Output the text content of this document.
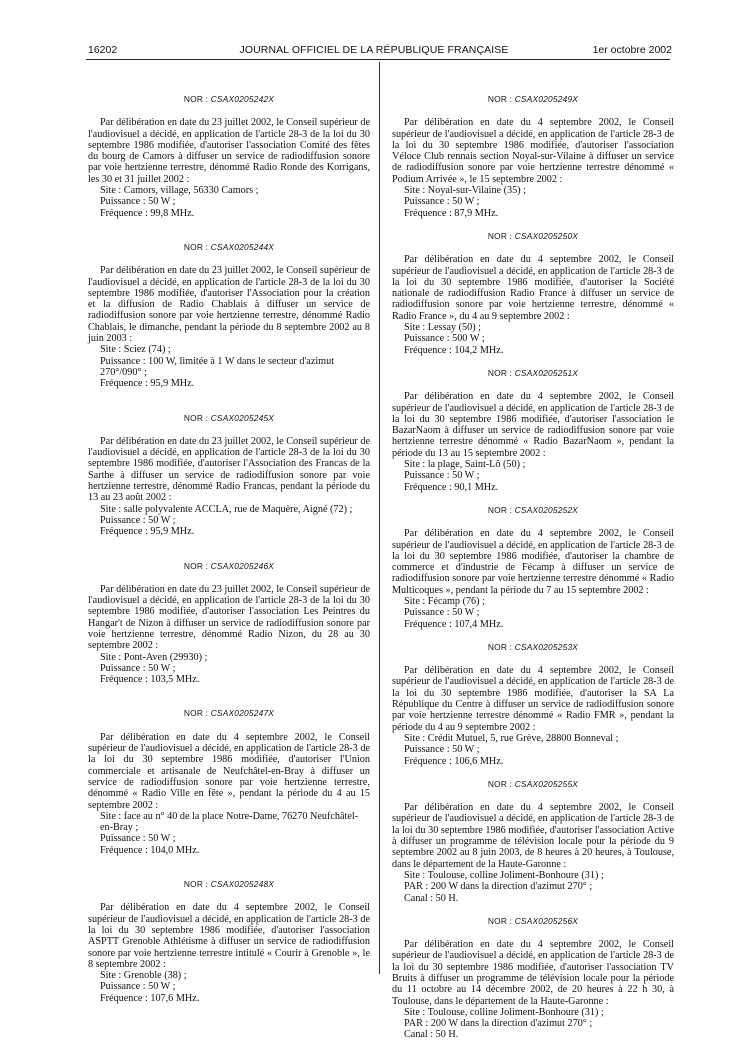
16202	JOURNAL OFFICIEL DE LA RÉPUBLIQUE FRANÇAISE	1er octobre 2002
NOR : CSAX0205242X

Par délibération en date du 23 juillet 2002, le Conseil supérieur de l'audiovisuel a décidé, en application de l'article 28-3 de la loi du 30 septembre 1986 modifiée, d'autoriser l'association Comité des fêtes du bourg de Camors à diffuser un service de radiodiffusion sonore par voie hertzienne terrestre, dénommé Radio Ronde des Korrigans, les 30 et 31 juillet 2002 :

Site : Camors, village, 56330 Camors ;
Puissance : 50 W ;
Fréquence : 99,8 MHz.
NOR : CSAX0205244X

Par délibération en date du 23 juillet 2002, le Conseil supérieur de l'audiovisuel a décidé, en application de l'article 28-3 de la loi du 30 septembre 1986 modifiée, d'autoriser l'Association pour la création et la diffusion de Radio Chablais à diffuser un service de radiodiffusion sonore par voie hertzienne terrestre, dénommé Radio Chablais, le dimanche, pendant la période du 8 septembre 2002 au 8 juin 2003 :

Site : Sciez (74) ;
Puissance : 100 W, limitée à 1 W dans le secteur d'azimut 270°/090° ;
Fréquence : 95,9 MHz.
NOR : CSAX0205245X

Par délibération en date du 23 juillet 2002, le Conseil supérieur de l'audiovisuel a décidé, en application de l'article 28-3 de la loi du 30 septembre 1986 modifiée, d'autoriser l'Association des Francas de la Sarthe à diffuser un service de radiodiffusion sonore par voie hertzienne terrestre, dénommé Radio Francas, pendant la période du 13 au 23 août 2002 :

Site : salle polyvalente ACCLA, rue de Maquère, Aigné (72) ;
Puissance : 50 W ;
Fréquence : 95,9 MHz.
NOR : CSAX0205246X

Par délibération en date du 23 juillet 2002, le Conseil supérieur de l'audiovisuel a décidé, en application de l'article 28-3 de la loi du 30 septembre 1986 modifiée, d'autoriser l'association Les Peintres du Hangar't de Nizon à diffuser un service de radiodiffusion sonore par voie hertzienne terrestre, dénommé Radio Nizon, du 28 au 30 septembre 2002 :

Site : Pont-Aven (29930) ;
Puissance : 50 W ;
Fréquence : 103,5 MHz.
NOR : CSAX0205247X

Par délibération en date du 4 septembre 2002, le Conseil supérieur de l'audiovisuel a décidé, en application de l'article 28-3 de la loi du 30 septembre 1986 modifiée, d'autoriser l'Union commerciale et artisanale de Neufchâtel-en-Bray à diffuser un service de radiodiffusion sonore par voie hertzienne terrestre, dénommé « Radio Ville en fête », pendant la période du 4 au 15 septembre 2002 :

Site : face au n° 40 de la place Notre-Dame, 76270 Neufchâtel-en-Bray ;
Puissance : 50 W ;
Fréquence : 104,0 MHz.
NOR : CSAX0205248X

Par délibération en date du 4 septembre 2002, le Conseil supérieur de l'audiovisuel a décidé, en application de l'article 28-3 de la loi du 30 septembre 1986 modifiée, d'autoriser l'association ASPTT Grenoble Athlétisme à diffuser un service de radiodiffusion sonore par voie hertzienne terrestre intitulé « Courir à Grenoble », le 8 septembre 2002 :

Site : Grenoble (38) ;
Puissance : 50 W ;
Fréquence : 107,6 MHz.
NOR : CSAX0205249X

Par délibération en date du 4 septembre 2002, le Conseil supérieur de l'audiovisuel a décidé, en application de l'article 28-3 de la loi du 30 septembre 1986 modifiée, d'autoriser l'association Véloce Club rennais section Noyal-sur-Vilaine à diffuser un service de radiodiffusion sonore par voie hertzienne terrestre dénommé « Podium Arrivée », le 15 septembre 2002 :

Site : Noyal-sur-Vilaine (35) ;
Puissance : 50 W ;
Fréquence : 87,9 MHz.
NOR : CSAX0205250X

Par délibération en date du 4 septembre 2002, le Conseil supérieur de l'audiovisuel a décidé, en application de l'article 28-3 de la loi du 30 septembre 1986 modifiée, d'autoriser la Société nationale de radiodiffusion Radio France à diffuser un service de radiodiffusion sonore par voie hertzienne terrestre, dénommé « Radio France », du 4 au 9 septembre 2002 :

Site : Lessay (50) ;
Puissance : 500 W ;
Fréquence : 104,2 MHz.
NOR : CSAX0205251X

Par délibération en date du 4 septembre 2002, le Conseil supérieur de l'audiovisuel a décidé, en application de l'article 28-3 de la loi du 30 septembre 1986 modifiée, d'autoriser l'association le BazarNaom à diffuser un service de radiodiffusion sonore par voie hertzienne terrestre dénommé « Radio BazarNaom », pendant la période du 13 au 15 septembre 2002 :

Site : la plage, Saint-Lô (50) ;
Puissance : 50 W ;
Fréquence : 90,1 MHz.
NOR : CSAX0205252X

Par délibération en date du 4 septembre 2002, le Conseil supérieur de l'audiovisuel a décidé, en application de l'article 28-3 de la loi du 30 septembre 1986 modifiée, d'autoriser la chambre de commerce et d'industrie de Fécamp à diffuser un service de radiodiffusion sonore par voie hertzienne terrestre dénommé « Radio Multicoques », pendant la période du 7 au 15 septembre 2002 :

Site : Fécamp (76) ;
Puissance : 50 W ;
Fréquence : 107,4 MHz.
NOR : CSAX0205253X

Par délibération en date du 4 septembre 2002, le Conseil supérieur de l'audiovisuel a décidé, en application de l'article 28-3 de la loi du 30 septembre 1986 modifiée, d'autoriser la SA La République du Centre à diffuser un service de radiodiffusion sonore par voie hertzienne terrestre dénommé « Radio FMR », pendant la période du 4 au 9 septembre 2002 :

Site : Crédit Mutuel, 5, rue Grève, 28800 Bonneval ;
Puissance : 50 W ;
Fréquence : 106,6 MHz.
NOR : CSAX0205255X

Par délibération en date du 4 septembre 2002, le Conseil supérieur de l'audiovisuel a décidé, en application de l'article 28-3 de la loi du 30 septembre 1986 modifiée, d'autoriser l'association Active à diffuser un programme de télévision locale pour la période du 9 septembre 2002 au 8 juin 2003, de 8 heures à 20 heures, à Toulouse, dans le département de la Haute-Garonne :

Site : Toulouse, colline Joliment-Bonhoure (31) ;
PAR : 200 W dans la direction d'azimut 270° ;
Canal : 50 H.
NOR : CSAX0205256X

Par délibération en date du 4 septembre 2002, le Conseil supérieur de l'audiovisuel a décidé, en application de l'article 28-3 de la loi du 30 septembre 1986 modifiée, d'autoriser l'association TV Bruits à diffuser un programme de télévision locale pour la période du 11 octobre au 14 décembre 2002, de 20 heures à 22 h 30, à Toulouse, dans le département de la Haute-Garonne :

Site : Toulouse, colline Joliment-Bonhoure (31) ;
PAR : 200 W dans la direction d'azimut 270° ;
Canal : 50 H.
